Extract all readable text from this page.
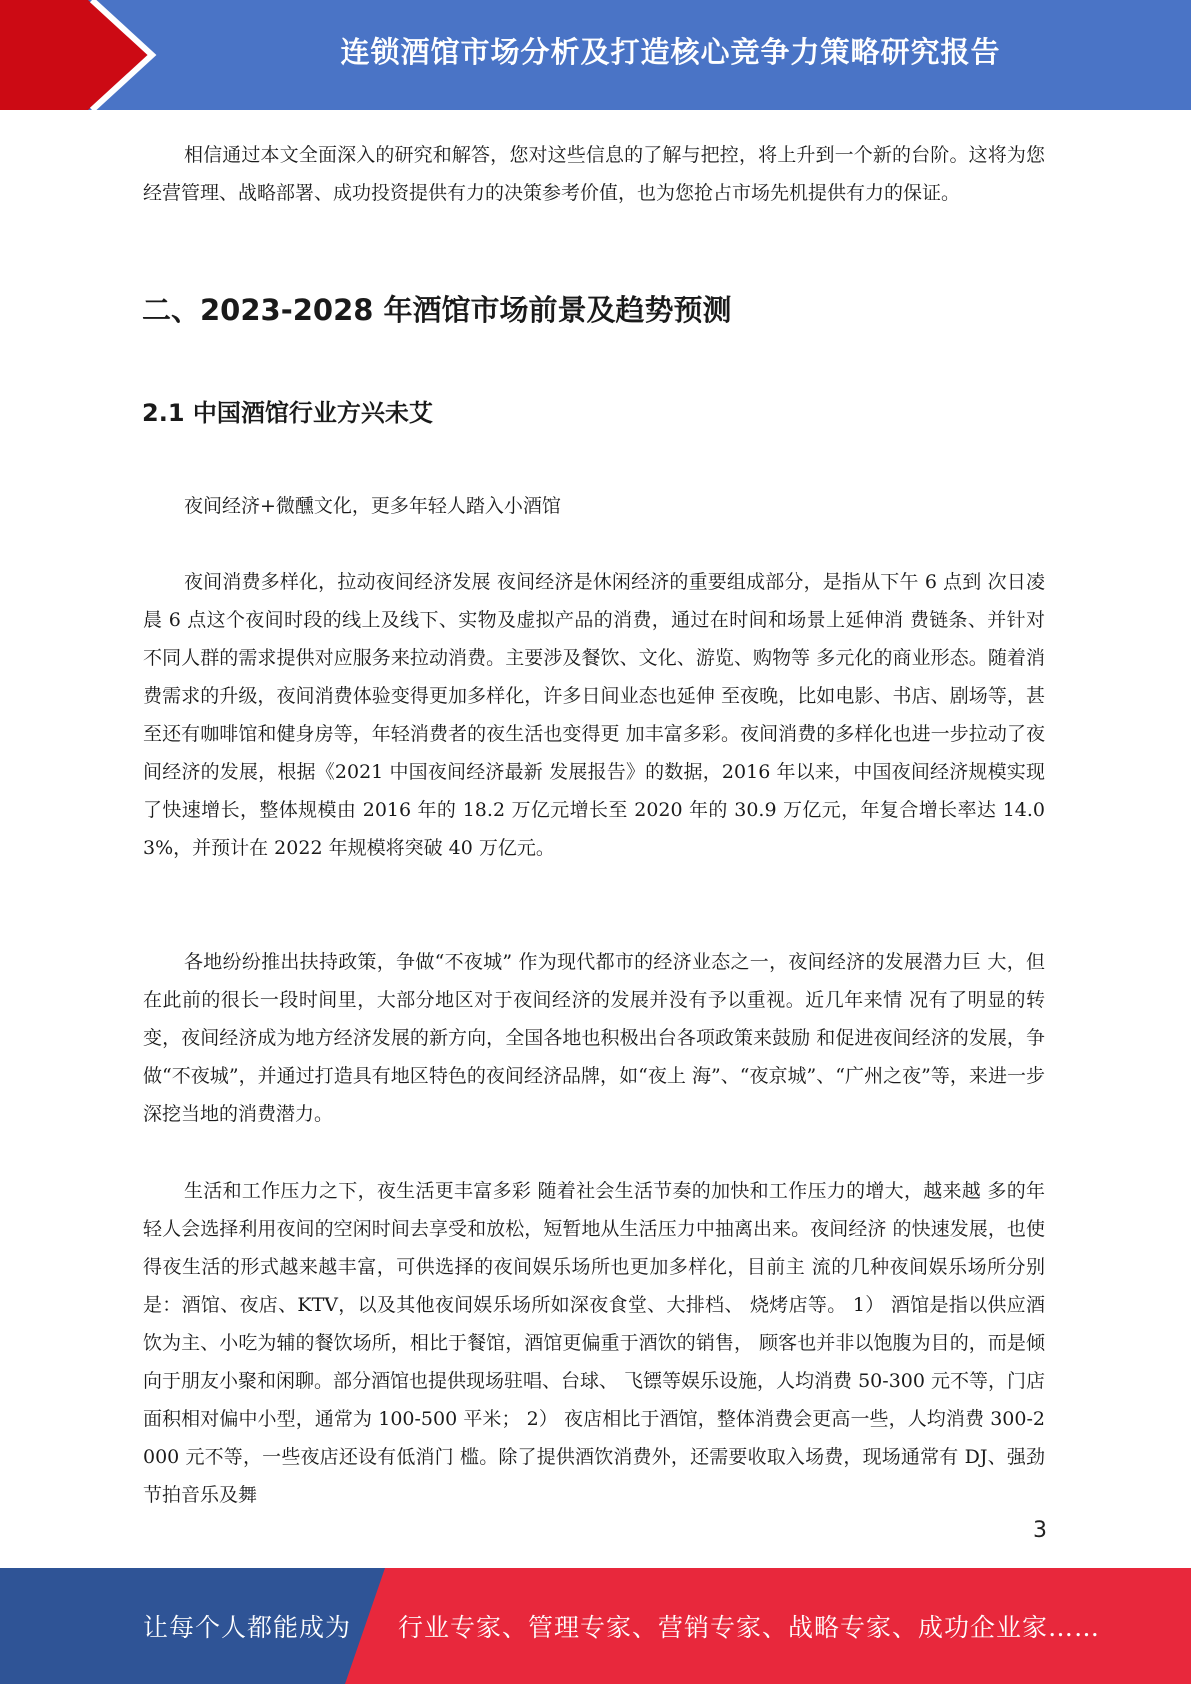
连锁酒馆市场分析及打造核心竞争力策略研究报告

相信通过本文全面深入的研究和解答，您对这些信息的了解与把控，将上升到一个新的台阶。这将为您经营管理、战略部署、成功投资提供有力的决策参考价值，也为您抢占市场先机提供有力的保证。

二、2023-2028 年酒馆市场前景及趋势预测
2.1 中国酒馆行业方兴未艾

夜间经济+微醺文化，更多年轻人踏入小酒馆

夜间消费多样化，拉动夜间经济发展 夜间经济是休闲经济的重要组成部分，是指从下午 6 点到 次日凌晨 6 点这个夜间时段的线上及线下、实物及虚拟产品的消费，通过在时间和场景上延伸消 费链条、并针对不同人群的需求提供对应服务来拉动消费。主要涉及餐饮、文化、游览、购物等 多元化的商业形态。随着消费需求的升级，夜间消费体验变得更加多样化，许多日间业态也延伸 至夜晚，比如电影、书店、剧场等，甚至还有咖啡馆和健身房等，年轻消费者的夜生活也变得更 加丰富多彩。夜间消费的多样化也进一步拉动了夜间经济的发展，根据《2021 中国夜间经济最新 发展报告》的数据，2016 年以来，中国夜间经济规模实现了快速增长，整体规模由 2016 年的 18.2 万亿元增长至 2020 年的 30.9 万亿元，年复合增长率达 14.03%，并预计在 2022 年规模将突破 40 万亿元。

各地纷纷推出扶持政策，争做“不夜城” 作为现代都市的经济业态之一，夜间经济的发展潜力巨 大，但在此前的很长一段时间里，大部分地区对于夜间经济的发展并没有予以重视。近几年来情 况有了明显的转变，夜间经济成为地方经济发展的新方向，全国各地也积极出台各项政策来鼓励 和促进夜间经济的发展，争做“不夜城”，并通过打造具有地区特色的夜间经济品牌，如“夜上 海”、“夜京城”、“广州之夜”等，来进一步深挖当地的消费潜力。

生活和工作压力之下，夜生活更丰富多彩 随着社会生活节奏的加快和工作压力的增大，越来越 多的年轻人会选择利用夜间的空闲时间去享受和放松，短暂地从生活压力中抽离出来。夜间经济 的快速发展，也使得夜生活的形式越来越丰富，可供选择的夜间娱乐场所也更加多样化，目前主 流的几种夜间娱乐场所分别是：酒馆、夜店、KTV，以及其他夜间娱乐场所如深夜食堂、大排档、 烧烤店等。 1） 酒馆是指以供应酒饮为主、小吃为辅的餐饮场所，相比于餐馆，酒馆更偏重于酒饮的销售， 顾客也并非以饱腹为目的，而是倾向于朋友小聚和闲聊。部分酒馆也提供现场驻唱、台球、 飞镖等娱乐设施，人均消费 50-300 元不等，门店面积相对偏中小型，通常为 100-500 平米； 2） 夜店相比于酒馆，整体消费会更高一些，人均消费 300-2000 元不等，一些夜店还设有低消门 槛。除了提供酒饮消费外，还需要收取入场费，现场通常有 DJ、强劲节拍音乐及舞

3
让每个人都能成为 行业专家、管理专家、营销专家、战略专家、成功企业家……
